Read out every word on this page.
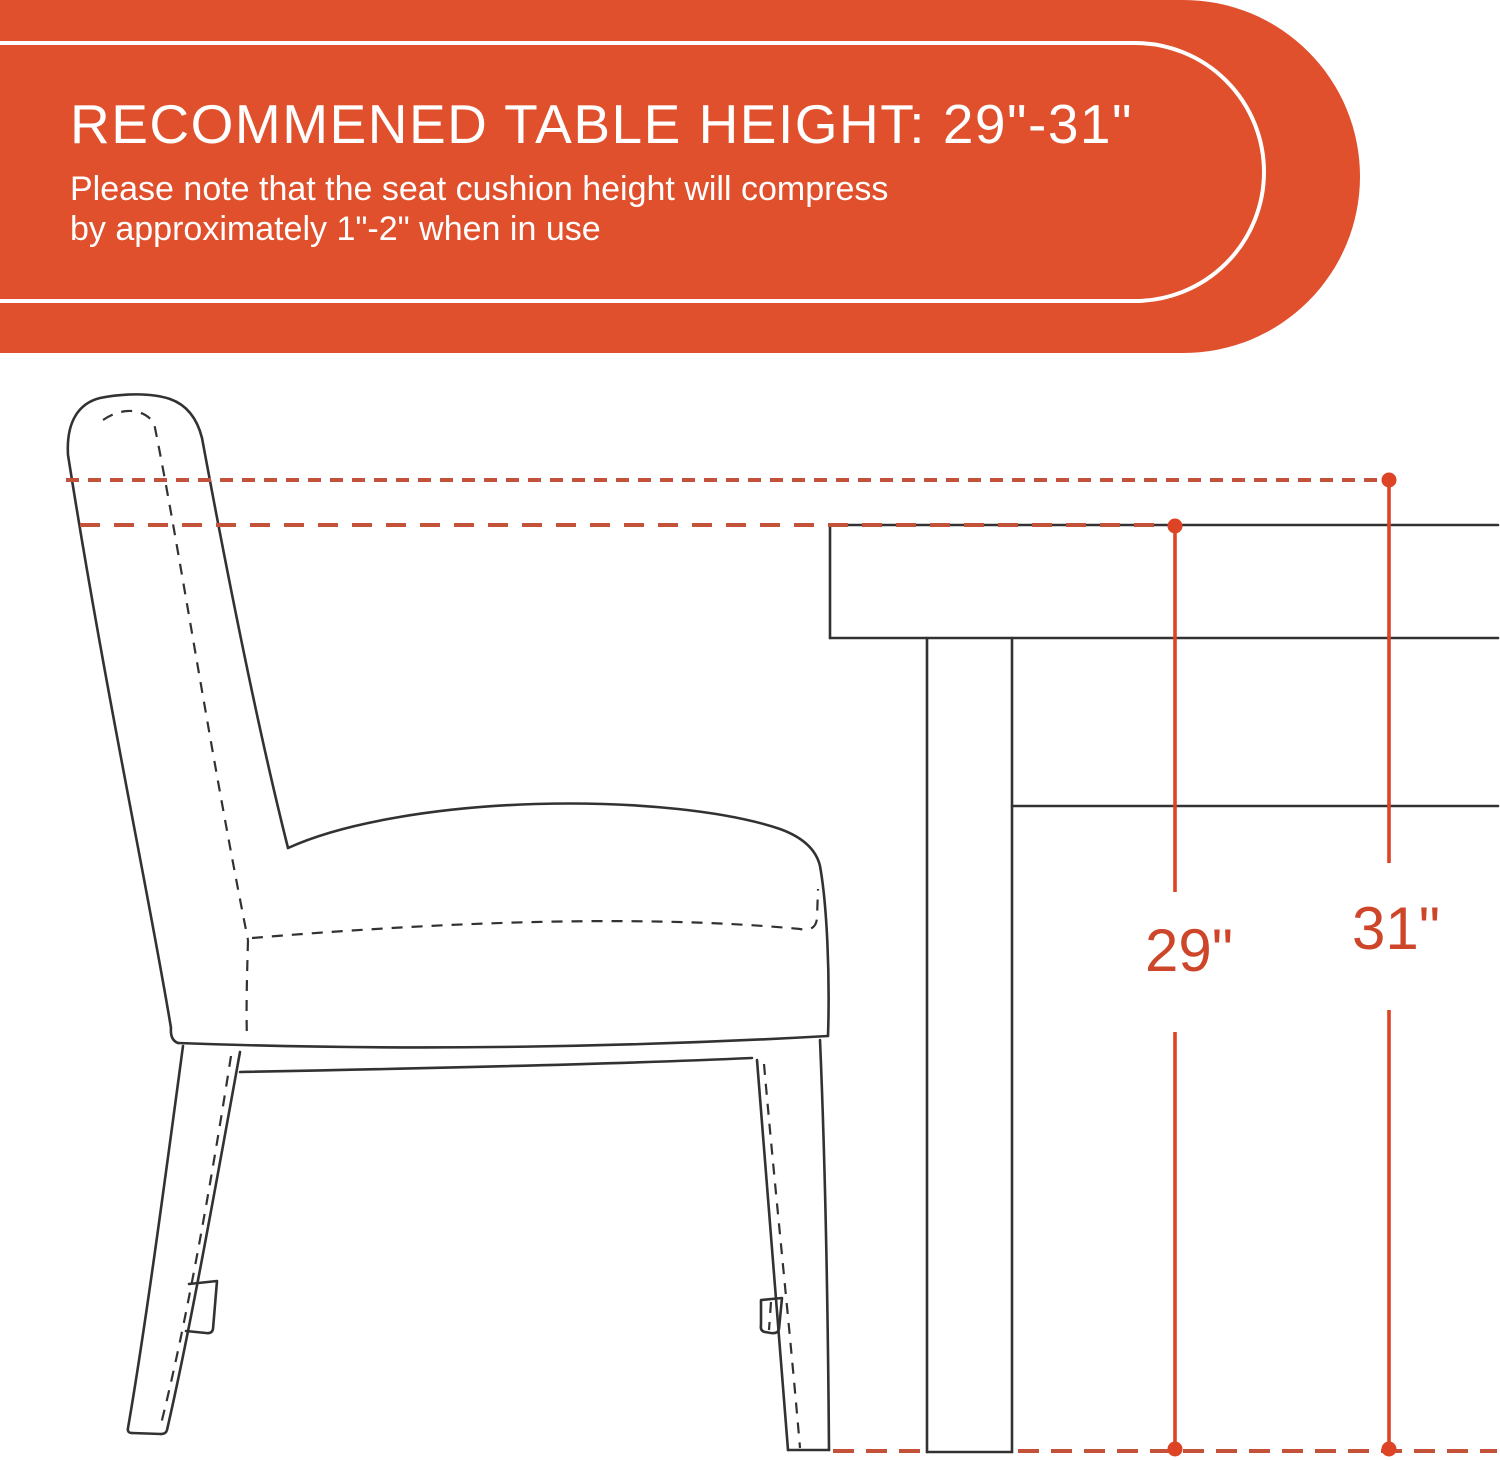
RECOMMENED TABLE HEIGHT: 29"-31"
Please note that the seat cushion height will compress
by approximately 1"-2" when in use
29" 31"
